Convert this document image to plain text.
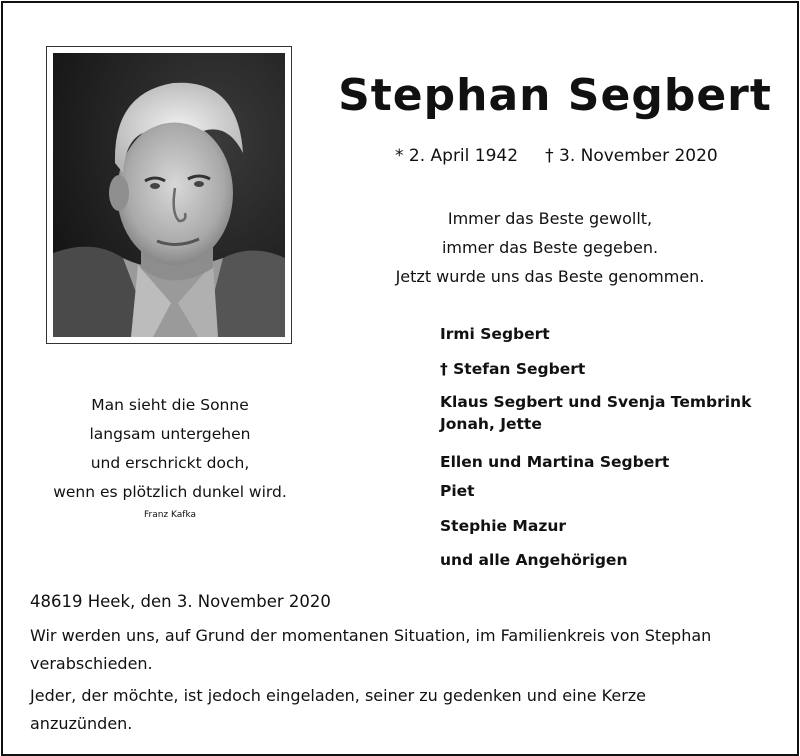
Stephan Segbert
* 2. April 1942 † 3. November 2020
Immer das Beste gewollt,
immer das Beste gegeben.
Jetzt wurde uns das Beste genommen.
Irmi Segbert
† Stefan Segbert
Klaus Segbert und Svenja Tembrink
Jonah, Jette
Ellen und Martina Segbert
Piet
Stephie Mazur
und alle Angehörigen
Man sieht die Sonne
langsam untergehen
und erschrickt doch,
wenn es plötzlich dunkel wird.
Franz Kafka
48619 Heek, den 3. November 2020

Wir werden uns, auf Grund der momentanen Situation, im Familienkreis von Stephan verabschieden.

Jeder, der möchte, ist jedoch eingeladen, seiner zu gedenken und eine Kerze anzuzünden.
